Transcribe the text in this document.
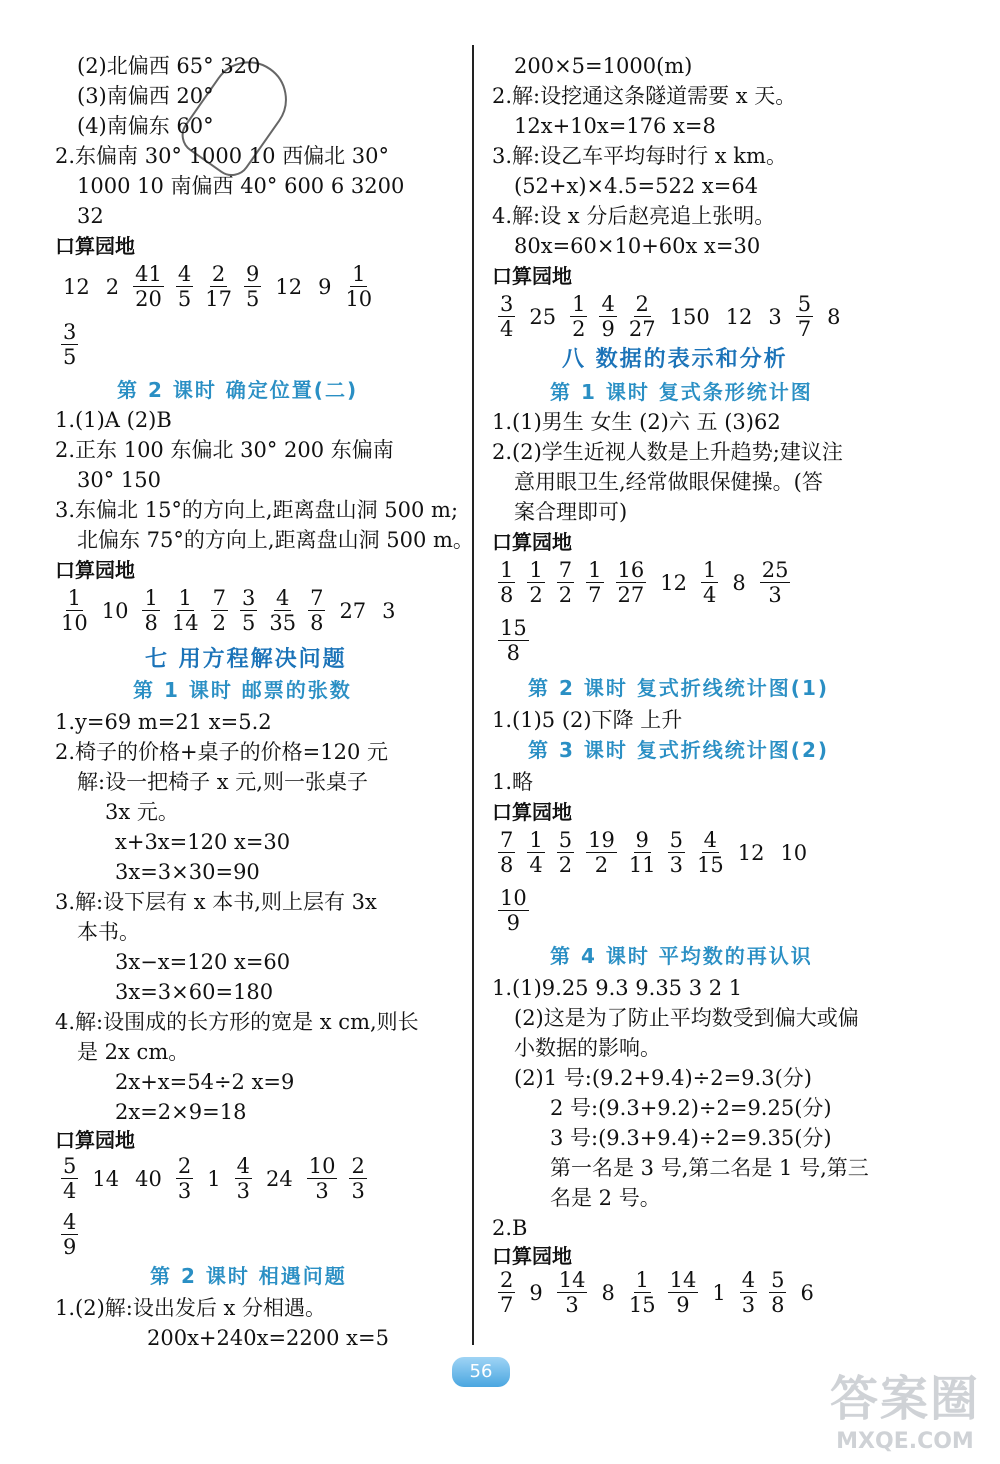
(2)北偏西 65° 320
(3)南偏西 20°
(4)南偏东 60°
2.东偏南 30° 1000 10 西偏北 30°
1000 10 南偏西 40° 600 6 3200
32
口算园地
12 $2 \frac{41}{20} \frac{4}{5} \frac{2}{17} \frac{9}{5} 12$ $9 \frac{1}{10}$
$\frac{3}{5}$
第 2 课时 确定位置(二)
1.(1)A (2)B
2.正东 100 东偏北 30° 200 东偏南
30° 150
3.东偏北 15°的方向上,距离盘山洞 500 m;
北偏东 75°的方向上,距离盘山洞 500 m。
口算园地
$\frac{1}{10} 10 \frac{1}{8} \frac{1}{14} \frac{7}{2} \frac{3}{5} \frac{4}{35} \frac{7}{8} 27$ 3
七 用方程解决问题
第 1 课时 邮票的张数
1.y=69 m=21 x=5.2
2.椅子的价格+桌子的价格=120 元
解:设一把椅子 x 元,则一张桌子
3x 元。
x+3x=120 x=30
3x=3×30=90
3.解:设下层有 x 本书,则上层有 3x
本书。
3x−x=120 x=60
3x=3×60=180
4.解:设围成的长方形的宽是 x cm,则长
是 2x cm。
2x+x=54÷2 x=9
2x=2×9=18
口算园地
$\frac{5}{4} 14$ $40 \frac{2}{3} 1 \frac{4}{3} 24 \frac{10}{3} \frac{2}{3}$
$\frac{4}{9}$
第 2 课时 相遇问题
1.(2)解:设出发后 x 分相遇。
200x+240x=2200 x=5
200×5=1000(m)
2.解:设挖通这条隧道需要 x 天。
12x+10x=176 x=8
3.解:设乙车平均每时行 x km。
(52+x)×4.5=522 x=64
4.解:设 x 分后赵亮追上张明。
80x=60×10+60x x=30
口算园地
$\frac{3}{4} 25 \frac{1}{2} \frac{4}{9} \frac{2}{27} 150$ 12 $3 \frac{5}{7} 8$
八 数据的表示和分析
第 1 课时 复式条形统计图
1.(1)男生 女生 (2)六 五 (3)62
2.(2)学生近视人数是上升趋势;建议注
意用眼卫生,经常做眼保健操。(答
案合理即可)
口算园地
$\frac{1}{8} \frac{1}{2} \frac{7}{2} \frac{1}{7} \frac{16}{27} 12 \frac{1}{4} 8 \frac{25}{3}$
$\frac{15}{8}$
第 2 课时 复式折线统计图(1)
1.(1)5 (2)下降 上升
第 3 课时 复式折线统计图(2)
1.略
口算园地
$\frac{7}{8} \frac{1}{4} \frac{5}{2} \frac{19}{2} \frac{9}{11} \frac{5}{3} \frac{4}{15} 12$ 10
$\frac{10}{9}$
第 4 课时 平均数的再认识
1.(1)9.25 9.3 9.35 3 2 1
(2)这是为了防止平均数受到偏大或偏
小数据的影响。
(2)1 号:(9.2+9.4)÷2=9.3(分)
2 号:(9.3+9.2)÷2=9.25(分)
3 号:(9.3+9.4)÷2=9.35(分)
第一名是 3 号,第二名是 1 号,第三
名是 2 号。
2.B
口算园地
$\frac{2}{7} 9 \frac{14}{3} 8 \frac{1}{15} \frac{14}{9} 1 \frac{4}{3} \frac{5}{8} 6$
56	答案圈
MXQE.COM
